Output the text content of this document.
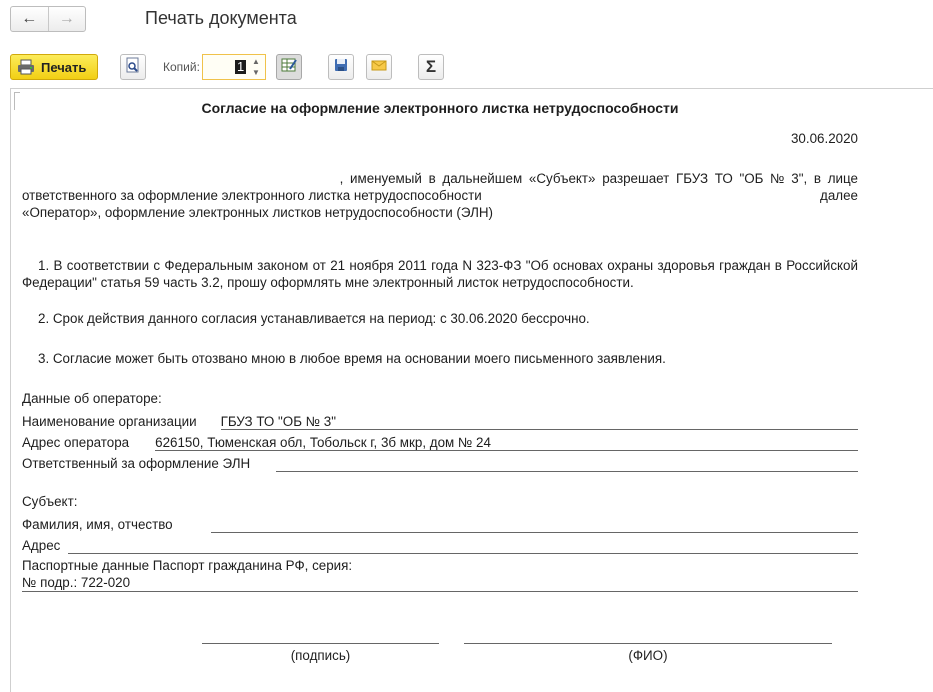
← →	Печать документа
Печать	Копий:	1 ▲
▼	Σ
Согласие на оформление электронного листка нетрудоспособности
30.06.2020
, именуемый в дальнейшем «Субъект» разрешает ГБУЗ ТО "ОБ № 3", в лице
ответственного за оформление электронного листка нетрудоспособности	далее
«Оператор», оформление электронных листков нетрудоспособности (ЭЛН)
1. В соответствии с Федеральным законом от 21 ноября 2011 года N 323-ФЗ "Об основах охраны здоровья граждан в Российской Федерации" статья 59 часть 3.2, прошу оформлять мне электронный листок нетрудоспособности.
2. Срок действия данного согласия устанавливается на период: с 30.06.2020 бессрочно.
3. Согласие может быть отозвано мною в любое время на основании моего письменного заявления.
Данные об операторе:
Наименование организации ГБУЗ ТО "ОБ № 3"
Адрес оператора 626150, Тюменская обл, Тобольск г, 3б мкр, дом № 24
Ответственный за оформление ЭЛН
Субъект:
Фамилия, имя, отчество
Адрес
Паспортные данные Паспорт гражданина РФ, серия:
№ подр.: 722-020
(подпись)	(ФИО)
